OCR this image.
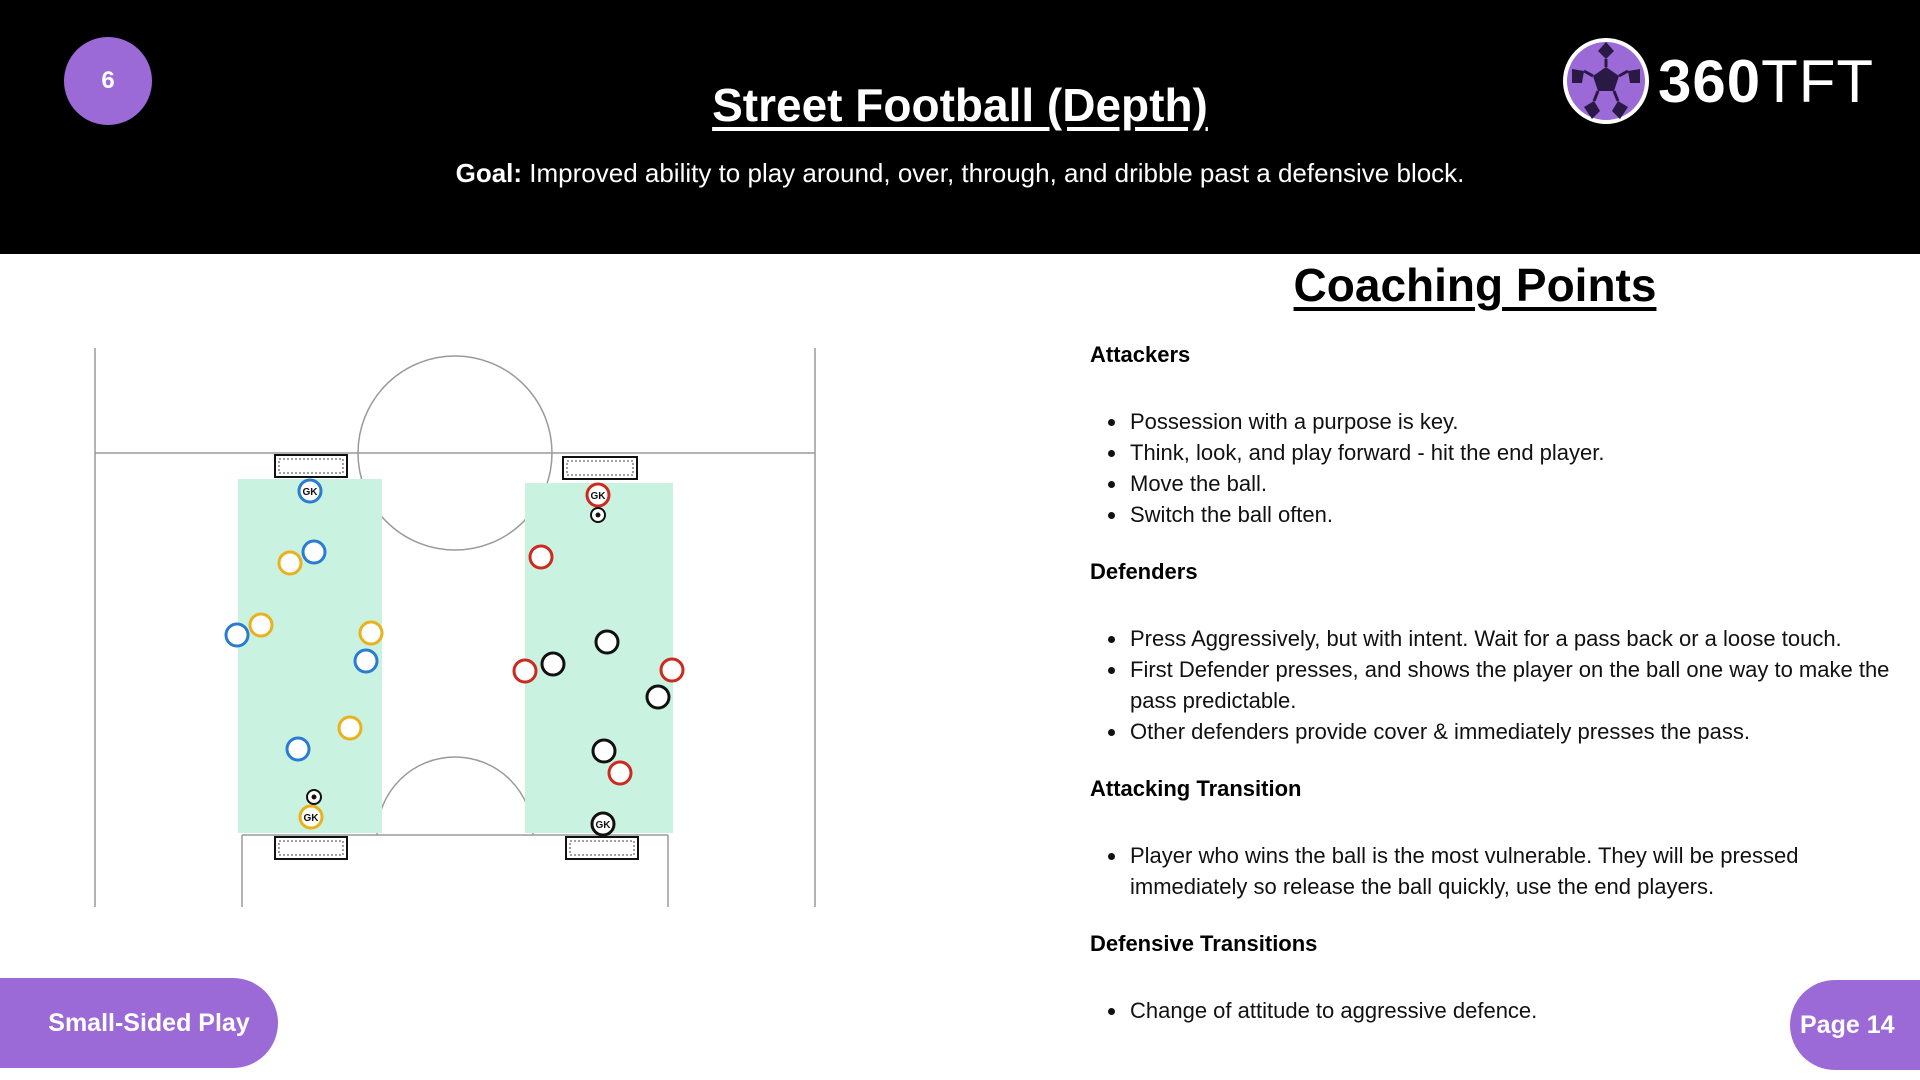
6	Street Football (Depth)
Goal: Improved ability to play around, over, through, and dribble past a defensive block.
360TFT
GK	GK
GK
GK
Coaching Points
Attackers
• Possession with a purpose is key.
• Think, look, and play forward - hit the end player.
• Move the ball.
• Switch the ball often.
Defenders
• Press Aggressively, but with intent. Wait for a pass back or a loose touch.
• First Defender presses, and shows the player on the ball one way to make the pass predictable.
• Other defenders provide cover & immediately presses the pass.
Attacking Transition
• Player who wins the ball is the most vulnerable. They will be pressed immediately so release the ball quickly, use the end players.
Defensive Transitions
• Change of attitude to aggressive defence.
Small-Sided Play	Page 14
